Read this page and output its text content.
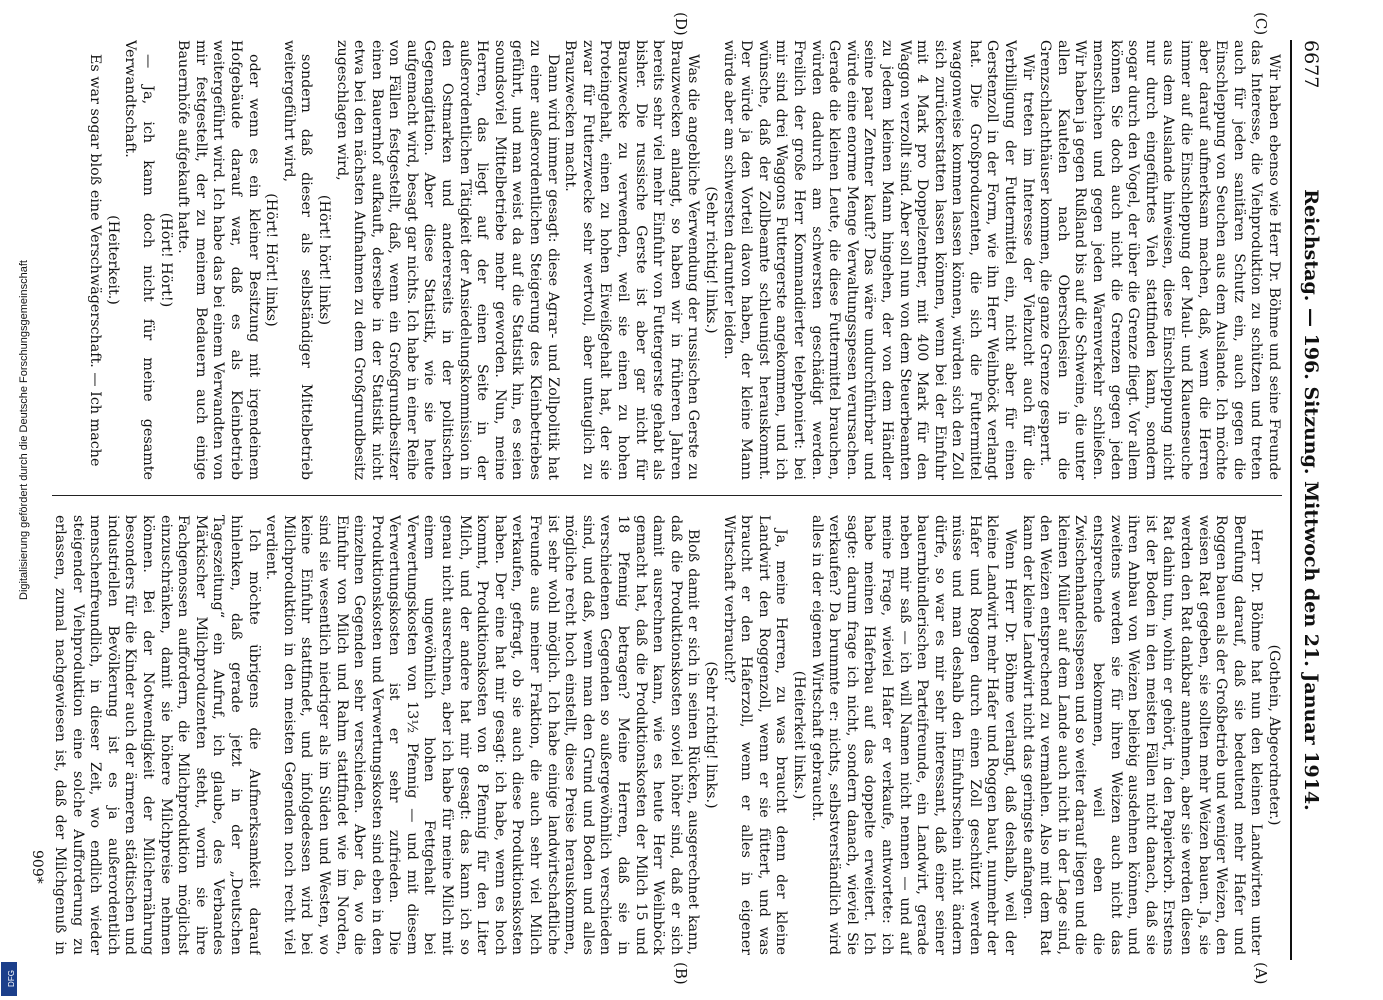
6677
Reichstag. — 196. Sitzung. Mittwoch den 21. Januar 1914.
(C)
(D)
(A)
(B)

Wir haben ebenso wie Herr Dr. Böhme und seine Freunde das Interesse, die Viehproduktion zu schützen und treten auch für jeden sanitären Schutz ein, auch gegen die Einschleppung von Seuchen aus dem Auslande. Ich möchte aber darauf aufmerksam machen, daß, wenn die Herren immer auf die Einschleppung der Maul- und Klauenseuche aus dem Auslande hinweisen, diese Einschleppung nicht nur durch eingeführtes Vieh stattfinden kann, sondern sogar durch den Vogel, der über die Grenze fliegt. Vor allem können Sie doch auch nicht die Grenzen gegen jeden menschlichen und gegen jeden Warenverkehr schließen. Wir haben ja gegen Rußland bis auf die Schweine, die unter allen Kautelen nach Oberschlesien in die Grenzschlachthäuser kommen, die ganze Grenze gesperrt.

Wir treten im Interesse der Viehzucht auch für die Verbilligung der Futtermittel ein, nicht aber für einen Gerstenzoll in der Form, wie ihn Herr Weilnböck verlangt hat. Die Großproduzenten, die sich die Futtermittel waggonweise kommen lassen können, würden sich den Zoll sich zurückerstatten lassen können, wenn bei der Einfuhr mit 4 Mark pro Doppelzentner, mit 400 Mark für den Waggon verzollt sind. Aber soll nun von dem Steuerbeamten zu jedem kleinen Mann hingehen, der von dem Händler seine paar Zentner kauft? Das wäre undurchführbar und würde eine enorme Menge Verwaltungsspesen verursachen. Gerade die kleinen Leute, die diese Futtermittel brauchen, würden dadurch am schwersten geschädigt werden. Freilich der große Herr Kommandierter telephoniert: bei mir sind drei Waggons Futtergerste angekommen, und ich wünsche, daß der Zollbeamte schleunigst herauskommt. Der würde ja den Vorteil davon haben, der kleine Mann würde aber am schwersten darunter leiden.

(Sehr richtig! links.)

Was die angebliche Verwendung der russischen Gerste zu Brauzwecken anlangt, so haben wir in früheren Jahren bereits sehr viel mehr Einfuhr von Futtergerste gehabt als bisher. Die russische Gerste ist aber gar nicht für Brauzwecke zu verwenden, weil sie einen zu hohen Proteingehalt, einen zu hohen Eiweißgehalt hat, der sie zwar für Futterzwecke sehr wertvoll, aber untauglich zu Brauzwecken macht.

Dann wird immer gesagt: diese Agrar- und Zollpolitik hat zu einer außerordentlichen Steigerung des Kleinbetriebes geführt, und man weist da auf die Statistik hin, es seien soundsoviel Mittelbetriebe mehr geworden. Nun, meine Herren, das liegt auf der einen Seite in der außerordentlichen Tätigkeit der Ansiedelungskommission in den Ostmarken und andererseits in der politischen Gegenagitation. Aber diese Statistik, wie sie heute aufgemacht wird, besagt gar nichts. Ich habe in einer Reihe von Fällen festgestellt, daß, wenn ein Großgrundbesitzer einen Bauernhof aufkauft, derselbe in der Statistik nicht etwa bei den nächsten Aufnahmen zu dem Großgrundbesitz zugeschlagen wird,

(Hört! hört! links)

sondern daß dieser als selbständiger Mittelbetrieb weitergeführt wird,

(Hört! Hört! links)

oder wenn es ein kleiner Besitzung mit irgendeinem Hofgebäude darauf war, daß es als Kleinbetrieb weitergeführt wird. Ich habe das bei einem Verwandten von mir festgestellt, der zu meinem Bedauern auch einige Bauernhöfe aufgekauft hatte.

(Hört! Hört!)

— Ja, ich kann doch nicht für meine gesamte Verwandtschaft.

(Heiterkeit.)

Es war sogar bloß eine Verschwägerschaft. — Ich mache

(Gothein, Abgeordneter.)

Herr Dr. Böhme hat nun den kleinen Landwirten unter Berufung darauf, daß sie bedeutend mehr Hafer und Roggen bauen als der Großbetrieb und weniger Weizen, den weisen Rat gegeben, sie sollten mehr Weizen bauen. Ja, sie werden den Rat dankbar annehmen, aber sie werden diesen Rat dahin tun, wohin er gehört, in den Papierkorb. Erstens ist der Boden in den meisten Fällen nicht danach, daß sie ihren Anbau von Weizen beliebig ausdehnen können, und zweitens werden sie für ihren Weizen auch nicht das entsprechende bekommen, weil eben die Zwischenhandelsspesen und so weiter darauf liegen und die kleinen Müller auf dem Lande auch nicht in der Lage sind, den Weizen entsprechend zu vermahlen. Also mit dem Rat kann der kleine Landwirt nicht das geringste anfangen.

Wenn Herr Dr. Böhme verlangt, daß deshalb, weil der kleine Landwirt mehr Hafer und Roggen baut, nunmehr der Hafer und Roggen durch einen Zoll geschützt werden müsse und man deshalb den Einfuhrschein nicht ändern dürfe, so war es mir sehr interessant, daß einer seiner bauernbündlerischen Parteifreunde, ein Landwirt, gerade neben mir saß — ich will Namen nicht nennen — und auf meine Frage, wieviel Hafer er verkaufe, antwortete: ich habe meinen Haferbau auf das doppelte erweitert. Ich sagte: darum frage ich nicht, sondern danach, wieviel Sie verkaufen? Da brummte er: nichts, selbstverständlich wird alles in der eigenen Wirtschaft gebraucht.

(Heiterkeit links.)

Ja, meine Herren, zu was braucht denn der kleine Landwirt den Roggenzoll, wenn er sie füttert, und was braucht er den Haferzoll, wenn er alles in eigener Wirtschaft verbraucht?

(Sehr richtig! links.)

Bloß damit er sich in seinen Rücken, ausgerechnet kann, daß die Produktionskosten soviel höher sind, daß er sich damit ausrechnen kann, wie es heute Herr Weilnböck gemacht hat, daß die Produktionskosten der Milch 15 und 18 Pfennig betragen? Meine Herren, daß sie in verschiedenen Gegenden so außergewöhnlich verschieden sind, und daß, wenn man den Grund und Boden und alles mögliche recht hoch einstellt, diese Preise herauskommen, ist sehr wohl möglich. Ich habe einige landwirtschaftliche Freunde aus meiner Fraktion, die auch sehr viel Milch verkaufen, gefragt, ob sie auch diese Produktionskosten haben. Der eine hat mir gesagt: ich habe, wenn es hoch kommt, Produktionskosten von 8 Pfennig für den Liter Milch, und der andere hat mir gesagt: das kann ich so genau nicht ausrechnen, aber ich habe für meine Milch mit einem ungewöhnlich hohen Fettgehalt bei Verwertungskosten von 13½ Pfennig — und mit diesem Verwertungskosten ist er sehr zufrieden. Die Produktionskosten und Verwertungskosten sind eben in den einzelnen Gegenden sehr verschieden. Aber da, wo die Einfuhr von Milch und Rahm stattfindet wie im Norden, sind sie wesentlich niedriger als im Süden und Westen, wo keine Einfuhr stattfindet, und infolgedessen wird bei Milchproduktion in den meisten Gegenden noch recht viel verdient.

Ich möchte übrigens die Aufmerksamkeit darauf hinlenken, daß gerade jetzt in der „Deutschen Tageszeitung“ ein Aufruf, ich glaube, des Verbandes Märkischer Milchproduzenten steht, worin sie ihre Fachgenossen auffordern, die Milchproduktion möglichst einzuschränken, damit sie höhere Milchpreise nehmen können. Bei der Notwendigkeit der Milchernährung besonders für die Kinder auch der ärmeren städtischen und industriellen Bevölkerung ist es ja außerordentlich menschenfreundlich, in dieser Zeit, wo endlich wieder steigender Viehproduktion eine solche Aufforderung zu erlassen, zumal nachgewiesen ist, daß der Milchgenuß in

909*
Digitalisierung gefördert durch die Deutsche Forschungsgemeinschaft
DFG
